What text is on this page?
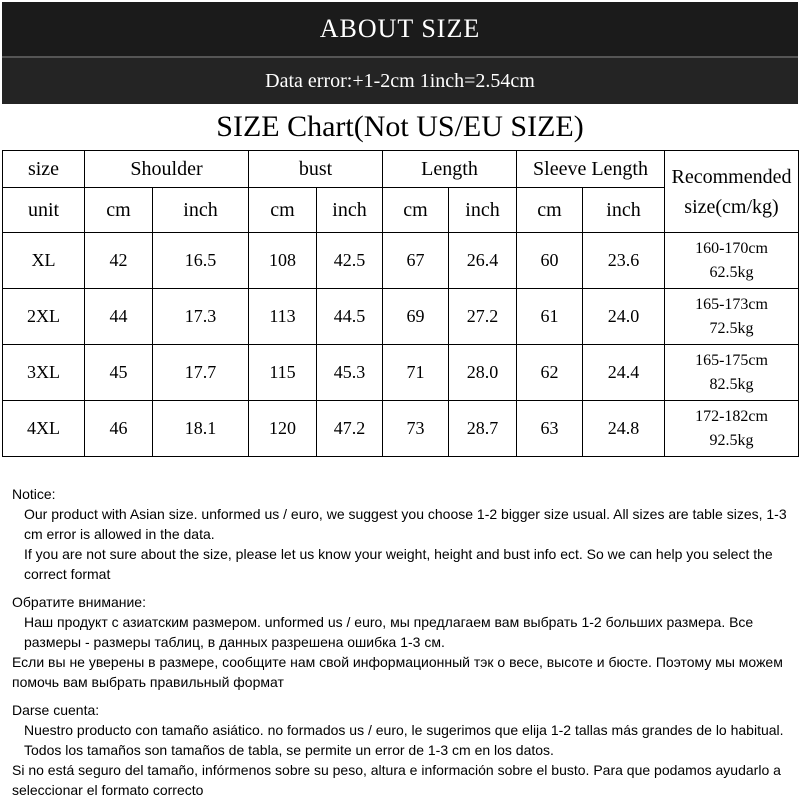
ABOUT SIZE
Data error:+1-2cm 1inch=2.54cm
SIZE Chart(Not US/EU SIZE)
size	Shoulder		bust		Length		Sleeve Length		Recommended
size(cm/kg)

unit	cm	inch	cm	inch	cm	inch	cm	inch	
XL	42	16.5	108	42.5	67	26.4	60	23.6	160-170cm
62.5kg

2XL	44	17.3	113	44.5	69	27.2	61	24.0	165-173cm
72.5kg

3XL	45	17.7	115	45.3	71	28.0	62	24.4	165-175cm
82.5kg

4XL	46	18.1	120	47.2	73	28.7	63	24.8	172-182cm
92.5kg

Notice:

Our product with Asian size. unformed us / euro, we suggest you choose 1-2 bigger size usual. All sizes are table sizes, 1-3 cm error is allowed in the data.

If you are not sure about the size, please let us know your weight, height and bust info ect. So we can help you select the correct format

Обратите внимание:

Наш продукт с азиатским размером. unformed us / euro, мы предлагаем вам выбрать 1-2 больших размера. Все размеры - размеры таблиц, в данных разрешена ошибка 1-3 см.

Если вы не уверены в размере, сообщите нам свой информационный тэк о весе, высоте и бюсте. Поэтому мы можем помочь вам выбрать правильный формат

Darse cuenta:

Nuestro producto con tamaño asiático. no formados us / euro, le sugerimos que elija 1-2 tallas más grandes de lo habitual. Todos los tamaños son tamaños de tabla, se permite un error de 1-3 cm en los datos.

Si no está seguro del tamaño, infórmenos sobre su peso, altura e información sobre el busto. Para que podamos ayudarlo a seleccionar el formato correcto
